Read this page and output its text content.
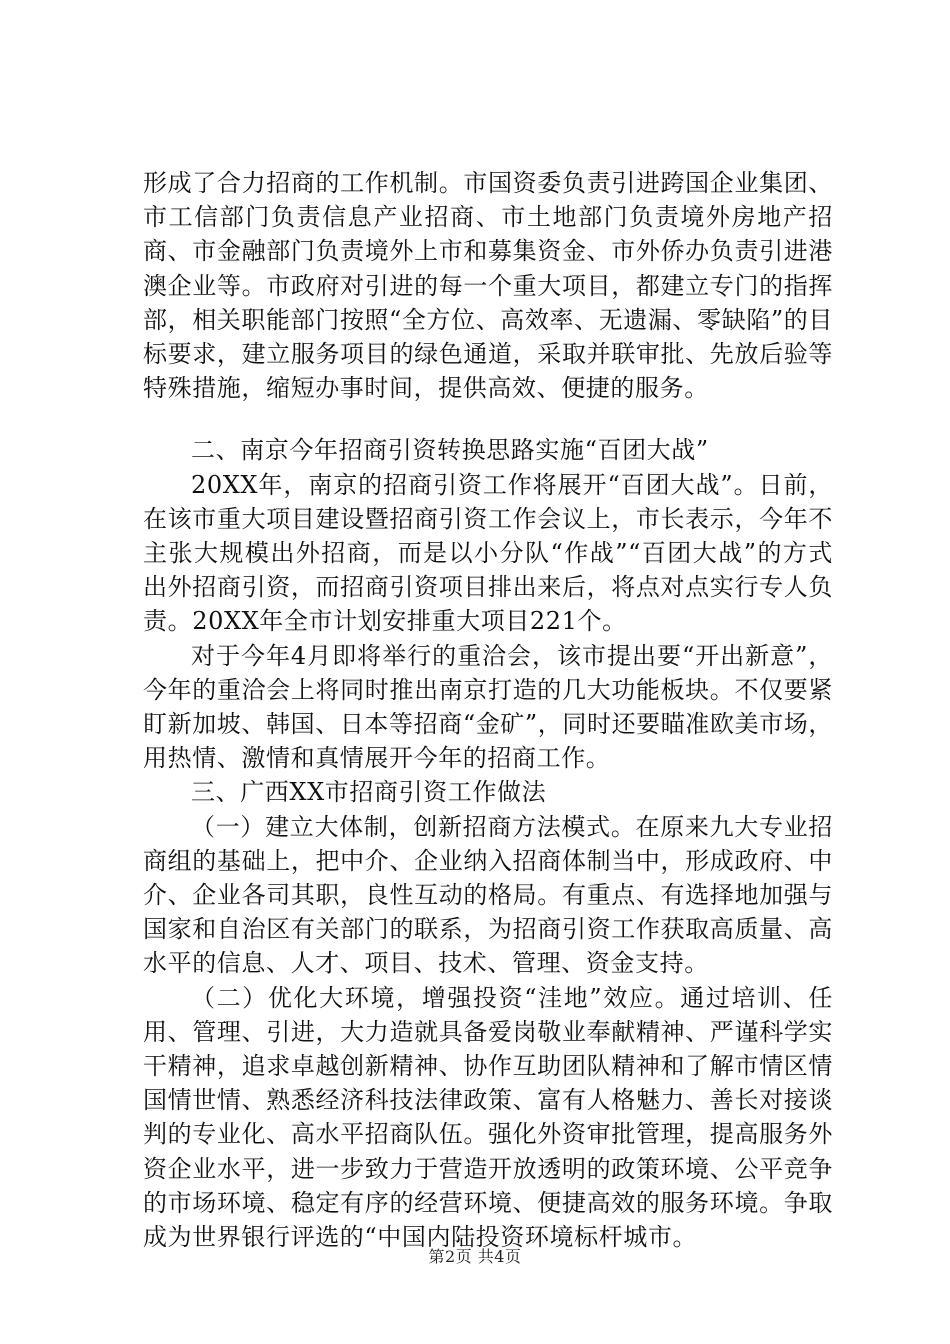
形成了合力招商的工作机制。市国资委负责引进跨国企业集团、市工信部门负责信息产业招商、市土地部门负责境外房地产招商、市金融部门负责境外上市和募集资金、市外侨办负责引进港澳企业等。市政府对引进的每一个重大项目，都建立专门的指挥部，相关职能部门按照“全方位、高效率、无遗漏、零缺陷”的目标要求，建立服务项目的绿色通道，采取并联审批、先放后验等特殊措施，缩短办事时间，提供高效、便捷的服务。

二、南京今年招商引资转换思路实施“百团大战”

20XX年，南京的招商引资工作将展开“百团大战”。日前，在该市重大项目建设暨招商引资工作会议上，市长表示，今年不主张大规模出外招商，而是以小分队“作战”“百团大战”的方式出外招商引资，而招商引资项目排出来后，将点对点实行专人负责。20XX年全市计划安排重大项目221个。

对于今年4月即将举行的重洽会，该市提出要“开出新意”，今年的重洽会上将同时推出南京打造的几大功能板块。不仅要紧盯新加坡、韩国、日本等招商“金矿”，同时还要瞄准欧美市场，用热情、激情和真情展开今年的招商工作。

三、广西XX市招商引资工作做法

（一）建立大体制，创新招商方法模式。在原来九大专业招商组的基础上，把中介、企业纳入招商体制当中，形成政府、中介、企业各司其职，良性互动的格局。有重点、有选择地加强与国家和自治区有关部门的联系，为招商引资工作获取高质量、高水平的信息、人才、项目、技术、管理、资金支持。

（二）优化大环境，增强投资“洼地”效应。通过培训、任用、管理、引进，大力造就具备爱岗敬业奉献精神、严谨科学实干精神，追求卓越创新精神、协作互助团队精神和了解市情区情国情世情、熟悉经济科技法律政策、富有人格魅力、善长对接谈判的专业化、高水平招商队伍。强化外资审批管理，提高服务外资企业水平，进一步致力于营造开放透明的政策环境、公平竞争的市场环境、稳定有序的经营环境、便捷高效的服务环境。争取成为世界银行评选的“中国内陆投资环境标杆城市。

第2页 共4页
